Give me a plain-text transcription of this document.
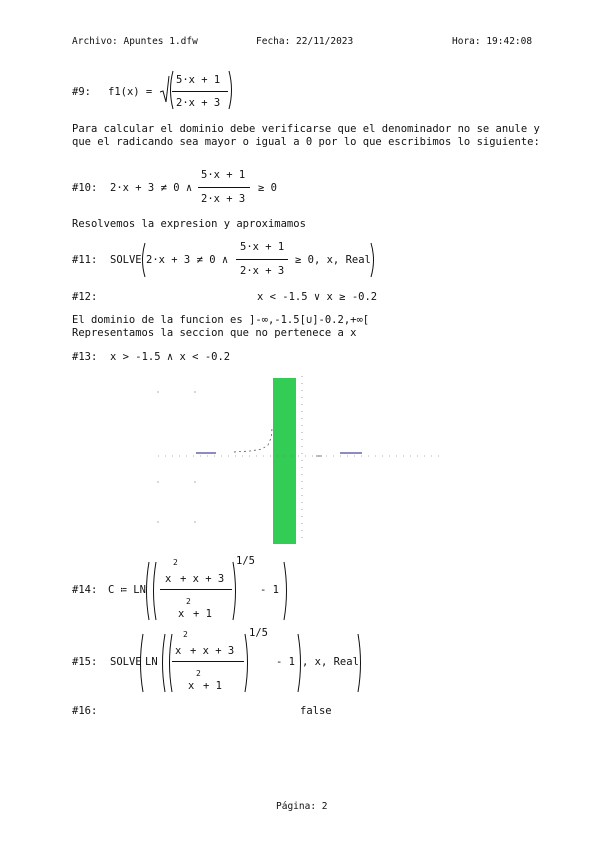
Archivo: Apuntes 1.dfw	Fecha: 22/11/2023	Hora: 19:42:08
#9: f1(x) =
5·x + 1
2·x + 3
Para calcular el dominio debe verificarse que el denominador no se anule y que el radicando sea mayor o igual a 0 por lo que escribimos lo siguiente:
#10: 2·x + 3 ≠ 0 ∧
5·x + 1
2·x + 3
≥ 0
Resolvemos la expresion y aproximamos
#11: SOLVE 2·x + 3 ≠ 0 ∧
5·x + 1
2·x + 3
≥ 0, x, Real
#12:	x < -1.5 ∨ x ≥ -0.2
El dominio de la funcion es ]-∞,-1.5[∪]-0.2,+∞[
Representamos la seccion que no pertenece a x
#13: x > -1.5 ∧ x < -0.2
#14: C ≔ LN
2
x + x + 3
2
x + 1
1/5
- 1
#15: SOLVE LN
2
x + x + 3
2
x + 1
1/5
- 1 , x, Real
#16:	false
Página: 2
